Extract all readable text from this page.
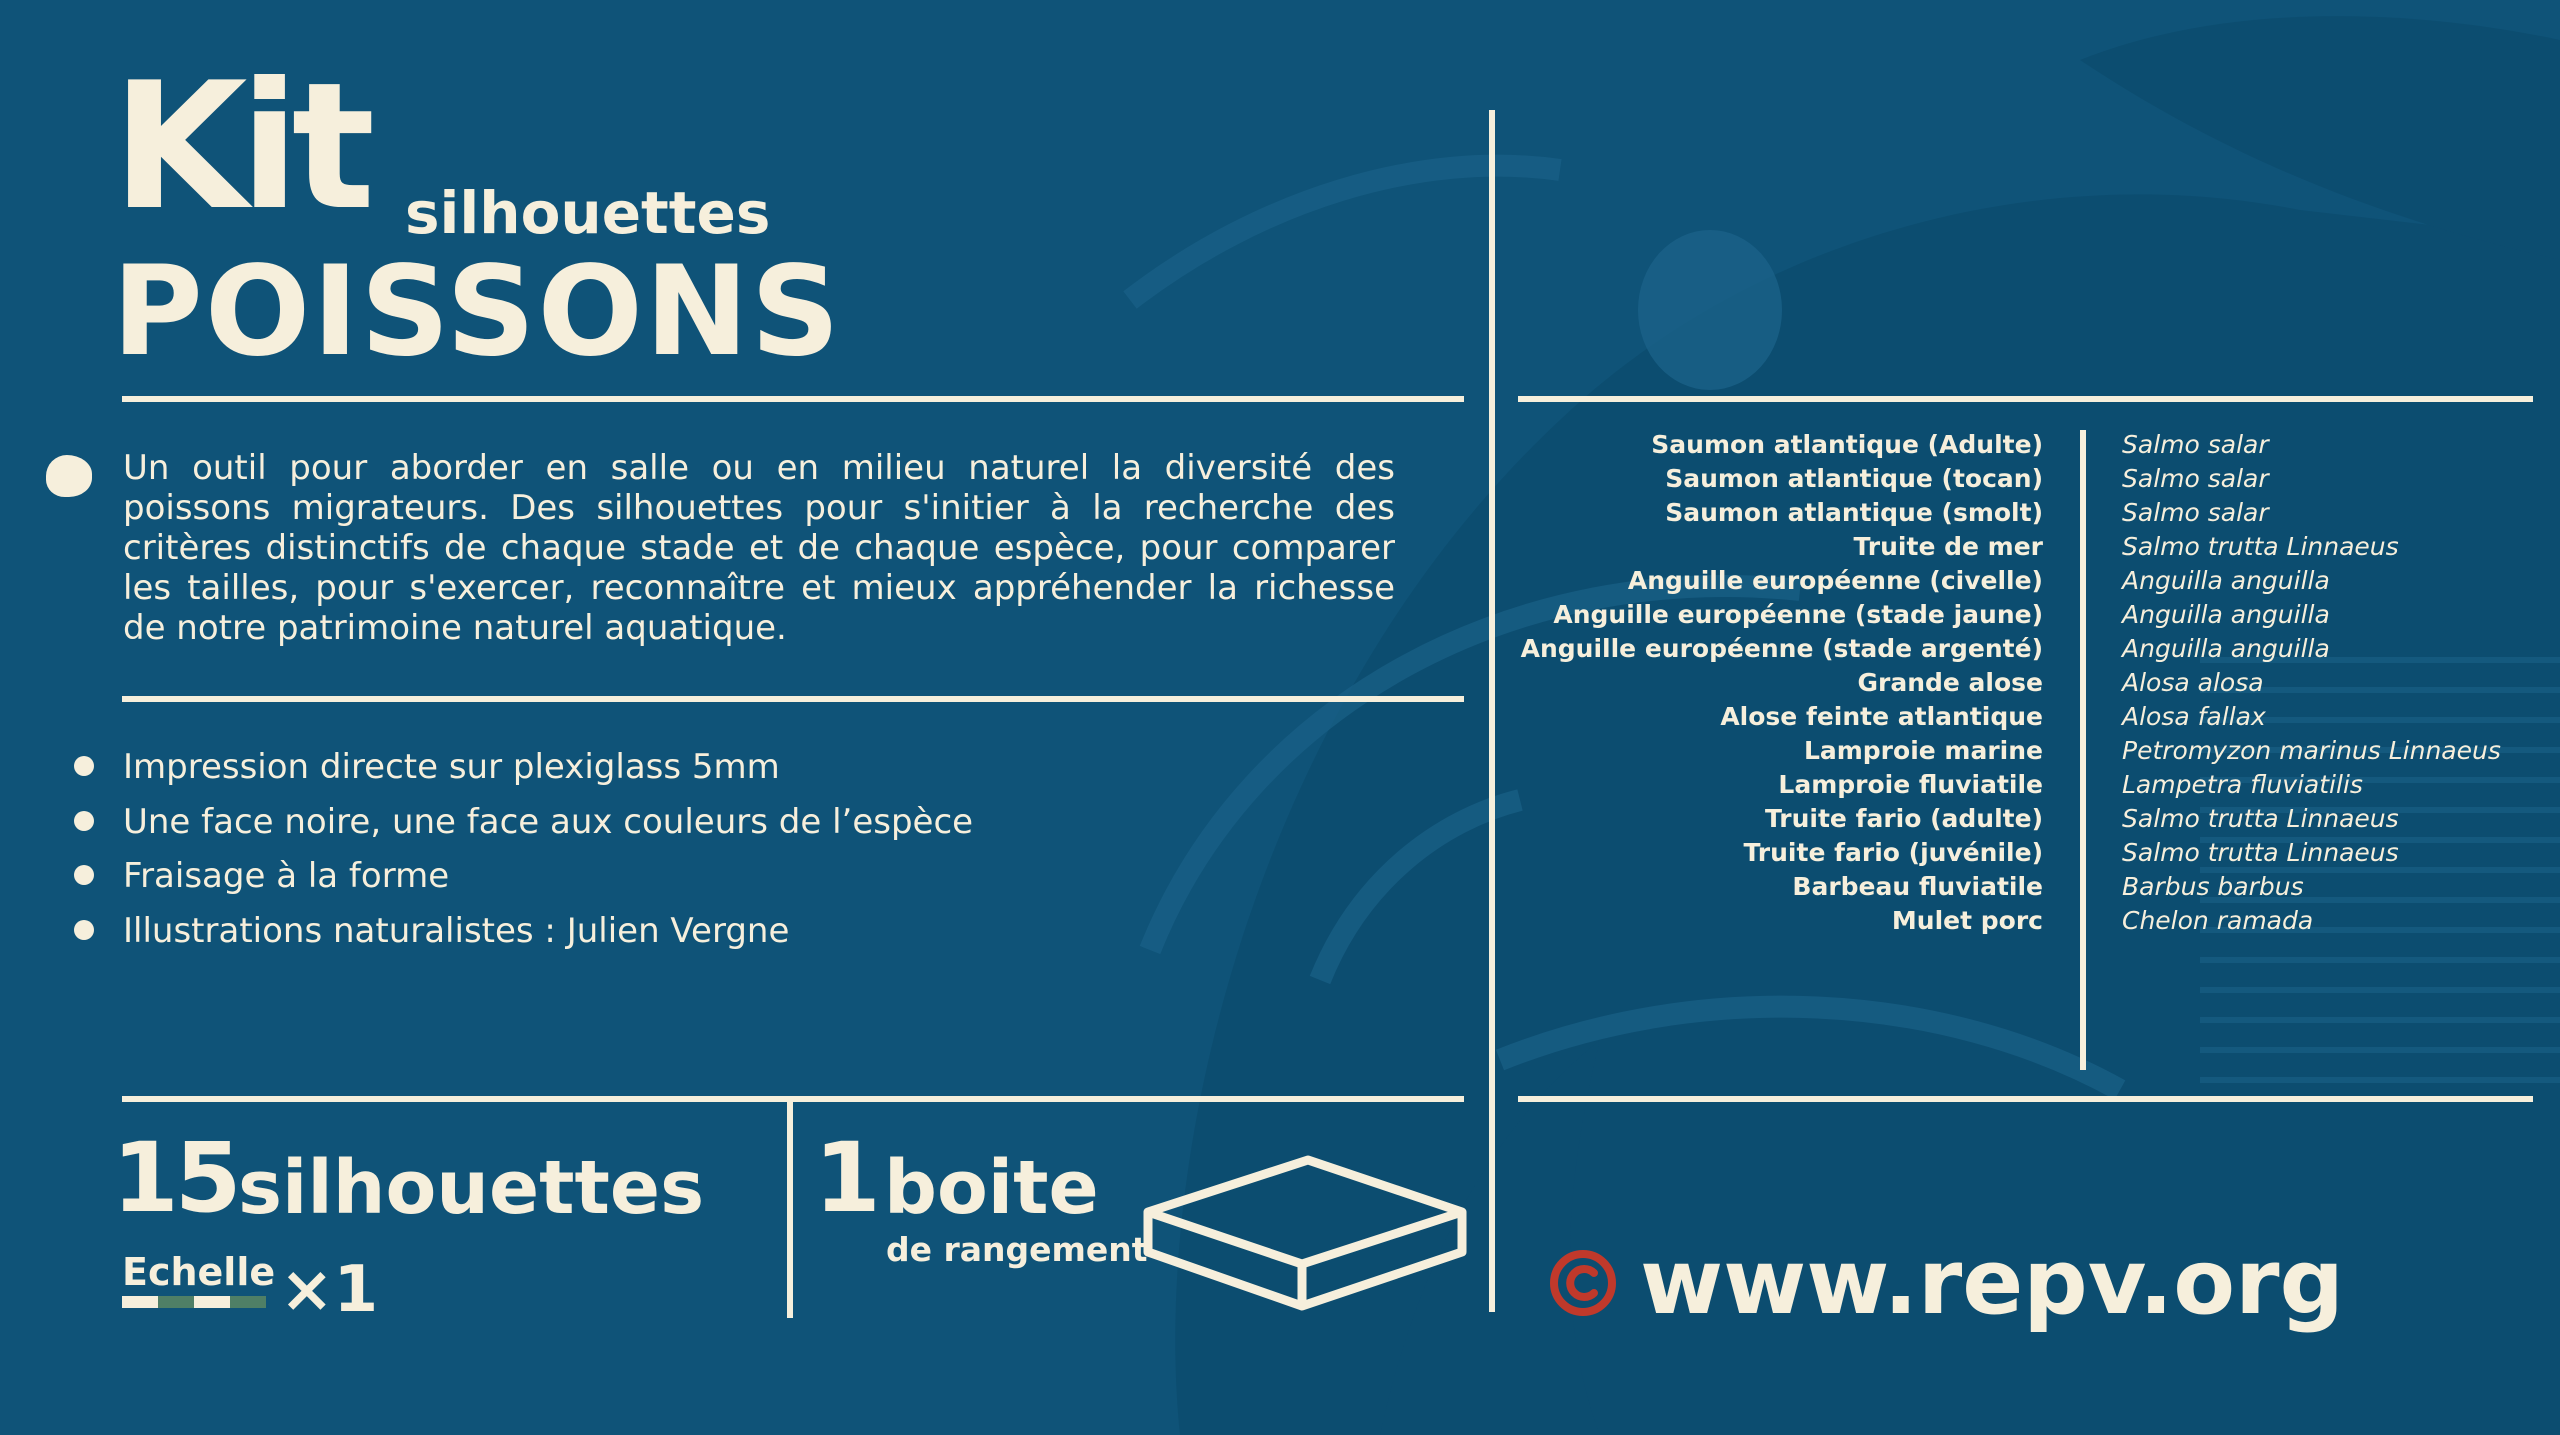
Kit silhouettes
POISSONS
Un outil pour aborder en salle ou en milieu naturel la diversité des poissons migrateurs. Des silhouettes pour s'initier à la recherche des critères distinctifs de chaque stade et de chaque espèce, pour comparer les tailles, pour s'exercer, reconnaître et mieux appréhender la richesse de notre patrimoine naturel aquatique.
Impression directe sur plexiglass 5mm
Une face noire, une face aux couleurs de l’espèce
Fraisage à la forme
Illustrations naturalistes : Julien Vergne
Saumon atlantique (Adulte)
Saumon atlantique (tocan)
Saumon atlantique (smolt)
Truite de mer
Anguille européenne (civelle)
Anguille européenne (stade jaune)
Anguille européenne (stade argenté)
Grande alose
Alose feinte atlantique
Lamproie marine
Lamproie fluviatile
Truite fario (adulte)
Truite fario (juvénile)
Barbeau fluviatile
Mulet porc
Salmo salar
Salmo salar
Salmo salar
Salmo trutta Linnaeus
Anguilla anguilla
Anguilla anguilla
Anguilla anguilla
Alosa alosa
Alosa fallax
Petromyzon marinus Linnaeus
Lampetra fluviatilis
Salmo trutta Linnaeus
Salmo trutta Linnaeus
Barbus barbus
Chelon ramada
15 silhouettes
Echelle ×1
1 boite
de rangement	www.repv.org
